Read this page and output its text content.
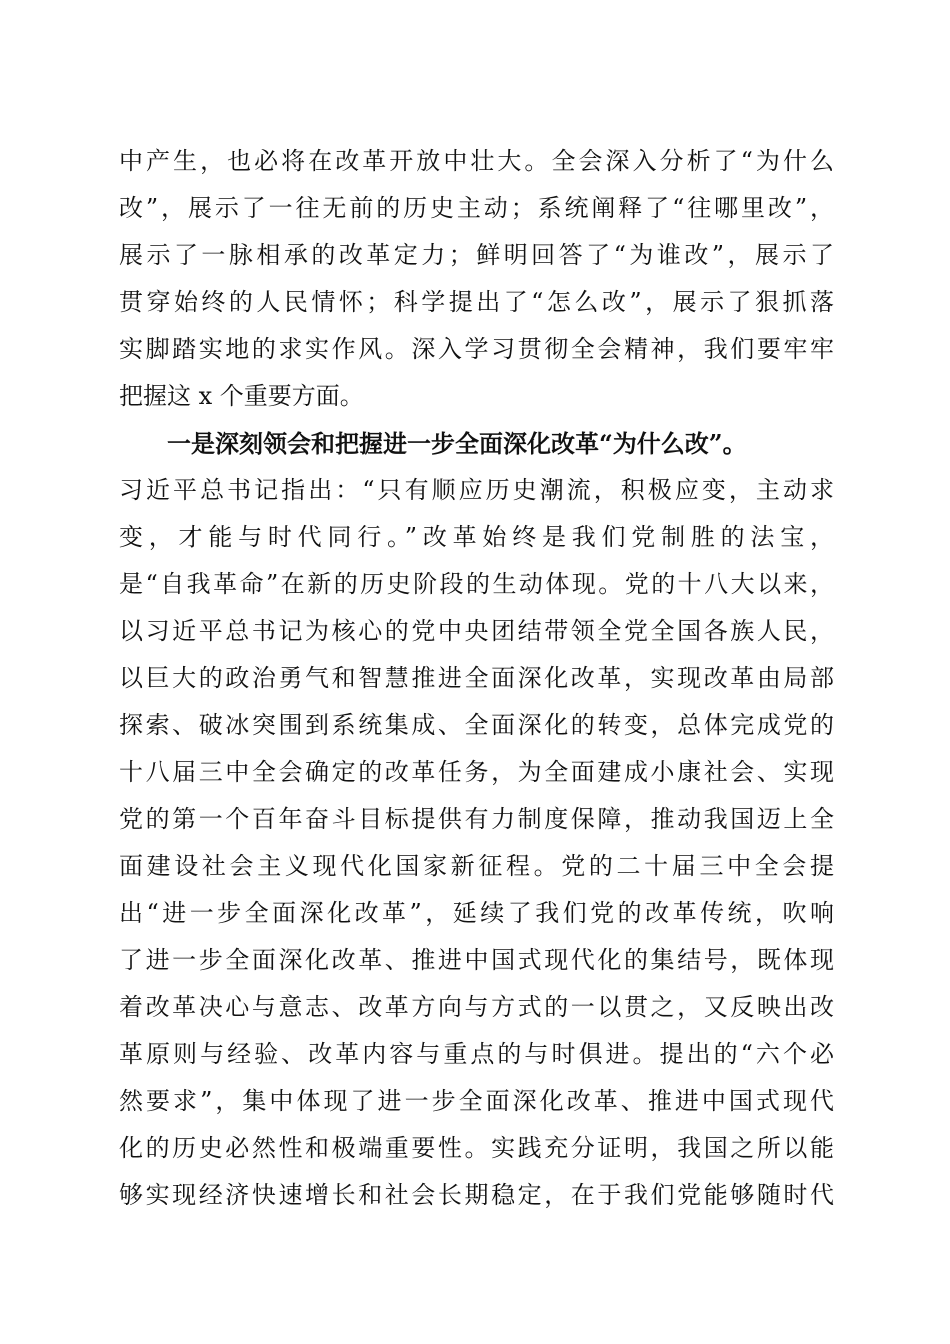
中产生，也必将在改革开放中壮大。全会深入分析了“为什么
改”，展示了一往无前的历史主动；系统阐释了“往哪里改”，
展示了一脉相承的改革定力；鲜明回答了“为谁改”，展示了
贯穿始终的人民情怀；科学提出了“怎么改”，展示了狠抓落
实脚踏实地的求实作风。深入学习贯彻全会精神，我们要牢牢
把握这 x 个重要方面。
一是深刻领会和把握进一步全面深化改革“为什么改”。
习近平总书记指出：“只有顺应历史潮流，积极应变，主动求
变，才能与时代同行。”改革始终是我们党制胜的法宝，
是“自我革命”在新的历史阶段的生动体现。党的十八大以来，
以习近平总书记为核心的党中央团结带领全党全国各族人民，
以巨大的政治勇气和智慧推进全面深化改革，实现改革由局部
探索、破冰突围到系统集成、全面深化的转变，总体完成党的
十八届三中全会确定的改革任务，为全面建成小康社会、实现
党的第一个百年奋斗目标提供有力制度保障，推动我国迈上全
面建设社会主义现代化国家新征程。党的二十届三中全会提
出“进一步全面深化改革”，延续了我们党的改革传统，吹响
了进一步全面深化改革、推进中国式现代化的集结号，既体现
着改革决心与意志、改革方向与方式的一以贯之，又反映出改
革原则与经验、改革内容与重点的与时俱进。提出的“六个必
然要求”，集中体现了进一步全面深化改革、推进中国式现代
化的历史必然性和极端重要性。实践充分证明，我国之所以能
够实现经济快速增长和社会长期稳定，在于我们党能够随时代
